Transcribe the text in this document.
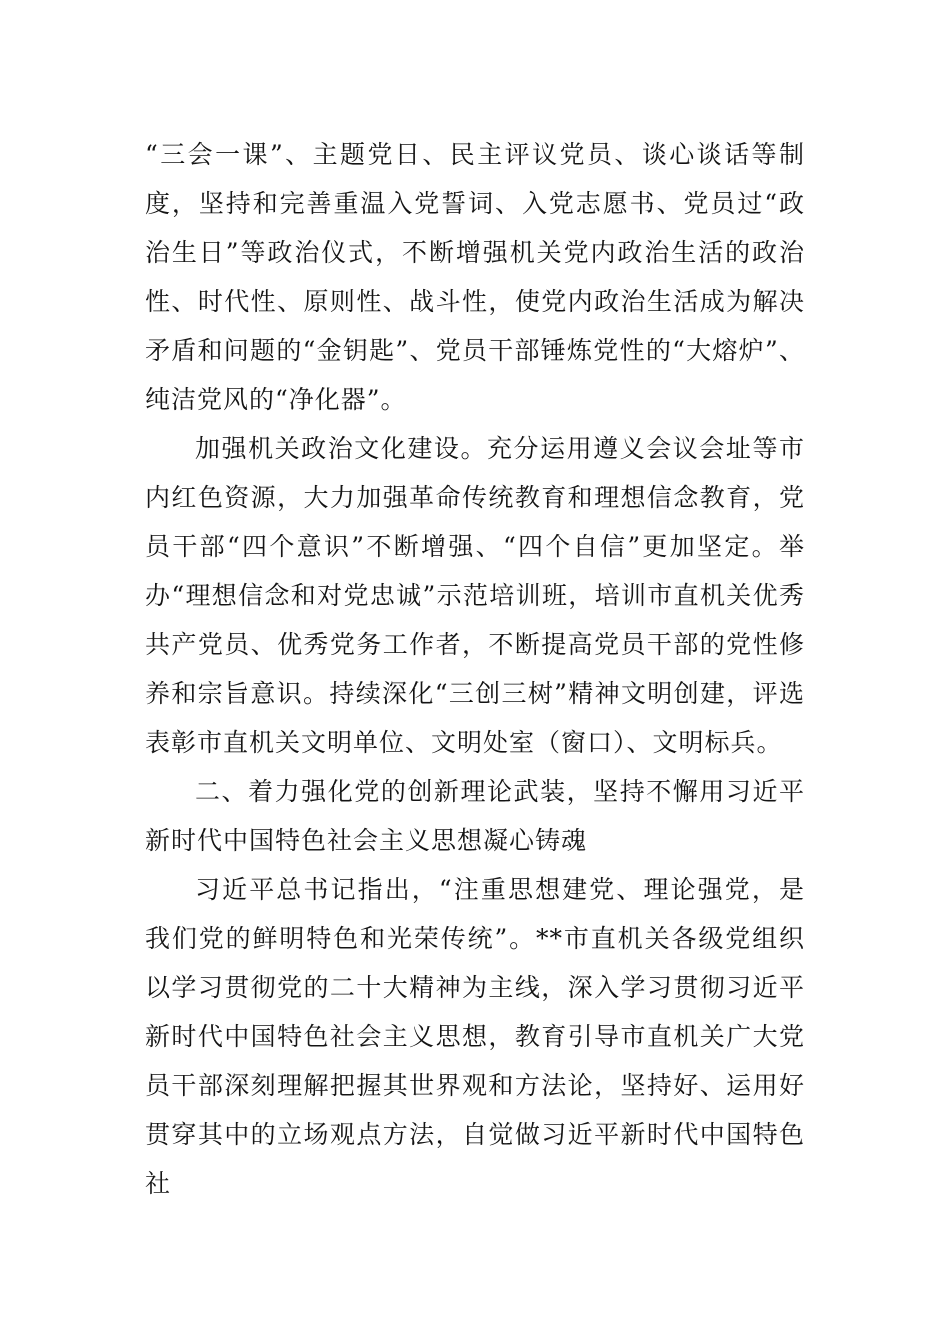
“三会一课”、主题党日、民主评议党员、谈心谈话等制度，坚持和完善重温入党誓词、入党志愿书、党员过“政治生日”等政治仪式，不断增强机关党内政治生活的政治性、时代性、原则性、战斗性，使党内政治生活成为解决矛盾和问题的“金钥匙”、党员干部锤炼党性的“大熔炉”、纯洁党风的“净化器”。

加强机关政治文化建设。充分运用遵义会议会址等市内红色资源，大力加强革命传统教育和理想信念教育，党员干部“四个意识”不断增强、“四个自信”更加坚定。举办“理想信念和对党忠诚”示范培训班，培训市直机关优秀共产党员、优秀党务工作者，不断提高党员干部的党性修养和宗旨意识。持续深化“三创三树”精神文明创建，评选表彰市直机关文明单位、文明处室（窗口）、文明标兵。

二、着力强化党的创新理论武装，坚持不懈用习近平新时代中国特色社会主义思想凝心铸魂

习近平总书记指出，“注重思想建党、理论强党，是我们党的鲜明特色和光荣传统”。**市直机关各级党组织以学习贯彻党的二十大精神为主线，深入学习贯彻习近平新时代中国特色社会主义思想，教育引导市直机关广大党员干部深刻理解把握其世界观和方法论，坚持好、运用好贯穿其中的立场观点方法，自觉做习近平新时代中国特色社
